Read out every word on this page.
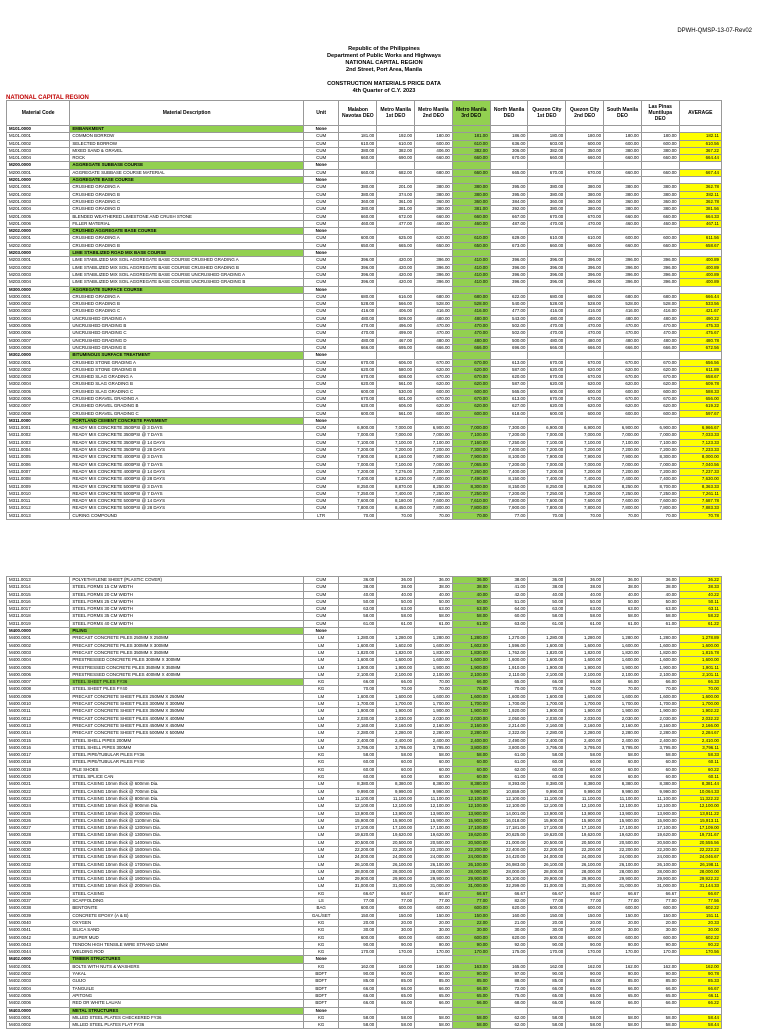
DPWH-QMSP-13-07-Rev02
Republic of the Philippines
Department of Public Works and Highways
NATIONAL CAPITAL REGION
2nd Street, Port Area, Manila

CONSTRUCTION MATERIALS PRICE DATA
4th Quarter of C.Y. 2023
NATIONAL CAPITAL REGION
Material Code	Material Description	Unit	Malabon Navotas DEO	Metro Manila 1st DEO	Metro Manila 2nd DEO	Metro Manila 3rd DEO	North Manila DEO	Quezon City 1st DEO	Quezon City 2nd DEO	South Manila DEO	Las Pinas Muntilupa DEO	AVERAGE
M101.0000	EMBANKMENT	None										
M101.0001	COMMON BORROW	CUM	181.00	192.00	180.00	181.00	186.00	180.00	180.00	180.00	180.00	182.11
M101.0002	SELECTED BORROW	CUM	610.00	610.00	600.00	610.00	636.00	603.00	600.00	600.00	600.00	610.56
M101.0003	MIXED SAND & GRAVEL	CUM	380.00	382.00	406.00	382.00	306.00	382.00	350.00	380.00	380.00	367.22
M101.0004	ROCK	CUM	660.00	690.00	660.00	660.00	670.00	660.00	660.00	660.00	660.00	664.44
M200.0000	AGGREGATE SUBBASE COURSE	None										
M200.0001	AGGREGATE SUBBASE COURSE MATERIAL	CUM	660.00	682.00	680.00	660.00	665.00	670.00	670.00	660.00	660.00	667.44
M201.0000	AGGREGATE BASE COURSE	None										
M201.0001	CRUSHED GRADING A	CUM	380.00	201.00	380.00	380.00	395.00	380.00	380.00	380.00	380.00	362.78
M201.0002	CRUSHED GRADING B	CUM	380.00	374.00	380.00	380.00	395.00	380.00	380.00	380.00	380.00	382.11
M201.0003	CRUSHED GRADING C	CUM	360.00	361.00	360.00	360.00	384.00	360.00	360.00	360.00	360.00	362.78
M201.0004	CRUSHED GRADING D	CUM	380.00	381.00	380.00	381.00	392.00	380.00	380.00	380.00	380.00	381.56
M201.0005	BLENDED WEATHERED LIMESTONE AND CRUSH STONE	CUM	660.00	672.00	660.00	660.00	667.00	670.00	670.00	660.00	660.00	664.33
M201.0006	FILLER MATERIAL	CUM	460.00	477.00	460.00	460.00	487.00	470.00	470.00	460.00	460.00	467.11
M202.0000	CRUSHED AGGREGATE BASE COURSE	None										
M202.0001	CRUSHED GRADING A	CUM	600.00	625.00	620.00	610.00	629.00	610.00	610.00	600.00	600.00	611.56
M202.0002	CRUSHED GRADING B	CUM	650.00	665.00	650.00	650.00	673.00	660.00	660.00	660.00	660.00	658.67
M203.0000	LIME STABILIZED ROAD MIX BASE COURSE	None										
M203.0001	LIME STABILIZED MIX SOIL AGGREGATE BASE COURSE CRUSHED GRADING A	CUM	396.00	420.00	396.00	410.00	396.00	396.00	396.00	396.00	396.00	400.89
M203.0002	LIME STABILIZED MIX SOIL AGGREGATE BASE COURSE CRUSHED GRADING B	CUM	396.00	420.00	396.00	410.00	396.00	396.00	396.00	396.00	396.00	400.89
M203.0003	LIME STABILIZED MIX SOIL AGGREGATE BASE COURSE UNCRUSHED GRADING A	CUM	396.00	420.00	396.00	410.00	396.00	396.00	396.00	396.00	396.00	400.89
M203.0004	LIME STABILIZED MIX SOIL AGGREGATE BASE COURSE UNCRUSHED GRADING B	CUM	396.00	420.00	396.00	410.00	396.00	396.00	396.00	396.00	396.00	400.89
M300.0000	AGGREGATE SURFACE COURSE	None										
M300.0001	CRUSHED GRADING A	CUM	680.00	616.00	680.00	680.00	622.00	680.00	680.00	680.00	680.00	666.44
M300.0002	CRUSHED GRADING B	CUM	528.00	566.00	528.00	528.00	540.00	528.00	528.00	528.00	528.00	533.56
M300.0003	CRUSHED GRADING C	CUM	416.00	406.00	416.00	416.00	477.00	416.00	416.00	416.00	416.00	421.67
M300.0004	UNCRUSHED GRADING A	CUM	480.00	509.00	480.00	480.00	543.00	480.00	480.00	480.00	480.00	490.22
M300.0005	UNCRUSHED GRADING B	CUM	470.00	496.00	470.00	470.00	502.00	470.00	470.00	470.00	470.00	475.33
M300.0006	UNCRUSHED GRADING C	CUM	470.00	499.00	470.00	470.00	502.00	470.00	470.00	470.00	470.00	475.67
M300.0007	UNCRUSHED GRADING D	CUM	480.00	467.00	480.00	480.00	500.00	480.00	480.00	480.00	480.00	480.78
M300.0008	UNCRUSHED GRADING E	CUM	666.00	695.00	666.00	666.00	696.00	666.00	666.00	666.00	666.00	672.56
M302.0000	BITUMINOUS SURFACE TREATMENT	None										
M302.0001	CRUSHED STONE GRADING A	CUM	670.00	606.00	670.00	670.00	613.00	670.00	670.00	670.00	670.00	656.56
M302.0002	CRUSHED STONE GRADING B	CUM	620.00	580.00	620.00	620.00	587.00	620.00	620.00	620.00	620.00	611.89
M302.0003	CRUSHED SLAG GRADING A	CUM	670.00	608.00	670.00	670.00	620.00	670.00	670.00	670.00	670.00	658.67
M302.0004	CRUSHED SLAG GRADING B	CUM	620.00	561.00	620.00	620.00	587.00	620.00	620.00	620.00	620.00	609.78
M302.0005	CRUSHED SLAG GRADING C	CUM	600.00	530.00	600.00	600.00	565.00	600.00	600.00	600.00	600.00	588.33
M302.0006	CRUSHED GRAVEL GRADING A	CUM	670.00	601.00	670.00	670.00	613.00	670.00	670.00	670.00	670.00	656.00
M302.0007	CRUSHED GRAVEL GRADING B	CUM	620.00	606.00	620.00	620.00	627.00	620.00	620.00	620.00	620.00	619.22
M302.0008	CRUSHED GRAVEL GRADING C	CUM	600.00	561.00	600.00	600.00	618.00	600.00	600.00	600.00	600.00	597.67
M311.0000	PORTLAND CEMENT CONCRETE PAVEMENT	None										
M311.0001	READY MIX CONCRETE 3500PSI @ 3 DAYS	CUM	6,900.00	7,000.00	6,900.00	7,000.00	7,300.00	6,900.00	6,900.00	6,900.00	6,900.00	6,966.67
M311.0002	READY MIX CONCRETE 3500PSI @ 7 DAYS	CUM	7,000.00	7,000.00	7,000.00	7,100.00	7,200.00	7,000.00	7,000.00	7,000.00	7,000.00	7,033.33
M311.0003	READY MIX CONCRETE 3500PSI @ 14 DAYS	CUM	7,100.00	7,100.00	7,100.00	7,160.00	7,250.00	7,100.00	7,100.00	7,100.00	7,100.00	7,123.33
M311.0004	READY MIX CONCRETE 3500PSI @ 28 DAYS	CUM	7,200.00	7,200.00	7,200.00	7,300.00	7,400.00	7,200.00	7,200.00	7,200.00	7,200.00	7,233.33
M311.0005	READY MIX CONCRETE 4000PSI @ 3 DAYS	CUM	7,900.00	8,160.00	7,900.00	7,900.00	8,100.00	7,900.00	7,900.00	7,900.00	8,300.00	8,000.00
M311.0006	READY MIX CONCRETE 4000PSI @ 7 DAYS	CUM	7,000.00	7,100.00	7,000.00	7,065.00	7,200.00	7,000.00	7,000.00	7,000.00	7,000.00	7,040.56
M311.0007	READY MIX CONCRETE 4000PSI @ 14 DAYS	CUM	7,200.00	7,276.00	7,200.00	7,260.00	7,400.00	7,200.00	7,200.00	7,200.00	7,200.00	7,237.33
M311.0008	READY MIX CONCRETE 4000PSI @ 28 DAYS	CUM	7,400.00	8,230.00	7,400.00	7,490.00	8,150.00	7,400.00	7,400.00	7,400.00	7,400.00	7,630.00
M311.0009	READY MIX CONCRETE 5000PSI @ 3 DAYS	CUM	8,250.00	8,870.00	8,250.00	8,300.00	8,150.00	8,250.00	8,250.00	8,250.00	8,700.00	8,363.33
M311.0010	READY MIX CONCRETE 5000PSI @ 7 DAYS	CUM	7,250.00	7,400.00	7,250.00	7,250.00	7,200.00	7,250.00	7,250.00	7,250.00	7,250.00	7,261.11
M311.0011	READY MIX CONCRETE 5000PSI @ 14 DAYS	CUM	7,600.00	8,180.00	7,600.00	7,610.00	7,800.00	7,600.00	7,600.00	7,600.00	7,600.00	7,687.78
M311.0012	READY MIX CONCRETE 5000PSI @ 28 DAYS	CUM	7,800.00	8,450.00	7,800.00	7,800.00	7,900.00	7,800.00	7,800.00	7,800.00	7,800.00	7,883.33
M311.0013	CURING COMPOUND	LTR	70.00	70.00	70.00	70.00	77.00	70.00	70.00	70.00	70.00	70.78
M311.0013	POLYETHYLENE SHEET (PLASTIC COVER)	CUM	36.00	36.00	36.00	36.00	38.00	36.00	36.00	36.00	36.00	36.22
M311.0014	STEEL FORMS 15 CM WIDTH	CUM	38.00	38.00	38.00	38.00	41.00	38.00	38.00	38.00	38.00	38.33
M311.0015	STEEL FORMS 20 CM WIDTH	CUM	40.00	40.00	40.00	40.00	42.00	40.00	40.00	40.00	40.00	40.22
M311.0016	STEEL FORMS 25 CM WIDTH	CUM	50.00	50.00	50.00	50.00	51.00	50.00	50.00	50.00	50.00	50.11
M311.0017	STEEL FORMS 30 CM WIDTH	CUM	63.00	63.00	63.00	63.00	64.00	63.00	63.00	63.00	63.00	63.11
M311.0018	STEEL FORMS 35 CM WIDTH	CUM	58.00	58.00	58.00	58.00	60.00	58.00	58.00	58.00	58.00	58.22
M311.0019	STEEL FORMS 40 CM WIDTH	CUM	61.00	61.00	61.00	61.00	63.00	61.00	61.00	61.00	61.00	61.22
M400.0000	PILING	None										
M400.0001	PRECAST CONCRETE PILES 250MM X 250MM	LM	1,280.00	1,280.00	1,280.00	1,280.00	1,270.00	1,280.00	1,280.00	1,280.00	1,280.00	1,278.89
M400.0002	PRECAST CONCRETE PILES 300MM X 300MM	LM	1,600.00	1,602.00	1,600.00	1,602.00	1,596.00	1,600.00	1,600.00	1,600.00	1,600.00	1,600.00
M400.0003	PRECAST CONCRETE PILES 350MM X 350MM	LM	1,820.00	1,820.00	1,830.00	1,830.00	1,762.00	1,820.00	1,820.00	1,820.00	1,820.00	1,815.78
M400.0004	PRESTRESSED CONCRETE PILES 300MM X 300MM	LM	1,600.00	1,600.00	1,600.00	1,600.00	1,600.00	1,600.00	1,600.00	1,600.00	1,600.00	1,600.00
M400.0005	PRESTRESSED CONCRETE PILES 350MM X 350MM	LM	1,900.00	1,900.00	1,900.00	1,900.00	1,910.00	1,900.00	1,900.00	1,900.00	1,900.00	1,901.11
M400.0006	PRESTRESSED CONCRETE PILES 400MM X 400MM	LM	2,100.00	2,100.00	2,100.00	2,100.00	2,110.00	2,100.00	2,100.00	2,100.00	2,100.00	2,101.11
M400.0007	STEEL SHEET PILES FY36	KG	66.00	66.00	70.00	66.00	65.00	66.00	66.00	66.00	66.00	66.33
M400.0008	STEEL SHEET PILES FY40	KG	70.00	70.00	70.00	70.00	70.00	70.00	70.00	70.00	70.00	70.00
M400.0009	PRECAST CONCRETE SHEET PILES 250MM X 250MM	LM	1,600.00	1,600.00	1,600.00	1,600.00	1,600.00	1,600.00	1,600.00	1,600.00	1,600.00	1,600.00
M400.0010	PRECAST CONCRETE SHEET PILES 300MM X 300MM	LM	1,700.00	1,700.00	1,700.00	1,700.00	1,700.00	1,700.00	1,700.00	1,700.00	1,700.00	1,700.00
M400.0011	PRECAST CONCRETE SHEET PILES 350MM X 350MM	LM	1,900.00	1,900.00	1,900.00	1,900.00	1,920.00	1,900.00	1,900.00	1,900.00	1,900.00	1,902.22
M400.0012	PRECAST CONCRETE SHEET PILES 400MM X 400MM	LM	2,030.00	2,030.00	2,030.00	2,030.00	2,050.00	2,030.00	2,030.00	2,030.00	2,030.00	2,032.22
M400.0013	PRECAST CONCRETE SHEET PILES 450MM X 450MM	LM	2,160.00	2,160.00	2,160.00	2,160.00	2,214.00	2,160.00	2,160.00	2,160.00	2,160.00	2,166.00
M400.0014	PRECAST CONCRETE SHEET PILES 500MM X 500MM	LM	2,280.00	2,280.00	2,280.00	2,280.00	2,322.00	2,280.00	2,280.00	2,280.00	2,280.00	2,284.67
M400.0015	STEEL SHELL PIPES 200MM	LM	2,400.00	2,400.00	2,400.00	2,400.00	2,490.00	2,400.00	2,400.00	2,400.00	2,400.00	2,410.00
M400.0016	STEEL SHELL PIPES 300MM	LM	3,795.00	3,795.00	3,795.00	3,800.00	3,800.00	3,795.00	3,795.00	3,795.00	3,795.00	3,796.11
M400.0017	STEEL PIPE/TUBULAR PILES FY36	KG	58.00	58.00	58.00	58.00	61.00	58.00	58.00	58.00	58.00	58.33
M400.0018	STEEL PIPE/TUBULAR PILES FY40	KG	60.00	60.00	60.00	60.00	61.00	60.00	60.00	60.00	60.00	60.11
M400.0019	PILE SHOES	KG	60.00	60.00	60.00	60.00	62.00	60.00	60.00	60.00	60.00	60.22
M400.0020	STEEL SPLICE CAN	KG	60.00	60.00	60.00	60.00	61.00	60.00	60.00	60.00	60.00	60.11
M400.0021	STEEL CASING 10mm thick @ 600mm Dia.	LM	8,380.00	8,380.00	8,380.00	8,380.00	8,393.00	8,380.00	8,380.00	8,380.00	8,380.00	8,381.44
M400.0022	STEEL CASING 10mm thick @ 700mm Dia.	LM	9,990.00	9,990.00	9,990.00	9,990.00	10,659.00	9,990.00	9,990.00	9,990.00	9,990.00	10,064.33
M400.0023	STEEL CASING 10mm thick @ 800mm Dia.	LM	11,100.00	11,100.00	11,100.00	12,100.00	12,100.00	11,100.00	11,100.00	11,100.00	11,100.00	11,322.22
M400.0024	STEEL CASING 10mm thick @ 900mm Dia.	LM	12,100.00	12,100.00	12,100.00	12,100.00	12,100.00	12,100.00	12,100.00	12,100.00	12,100.00	12,100.00
M400.0025	STEEL CASING 10mm thick @ 1000mm Dia.	LM	13,900.00	13,900.00	13,900.00	13,900.00	14,001.00	13,900.00	13,900.00	13,900.00	13,900.00	13,911.22
M400.0026	STEEL CASING 10mm thick @ 1100mm Dia.	LM	15,900.00	15,900.00	15,900.00	15,900.00	16,018.00	15,900.00	15,900.00	15,900.00	15,900.00	15,913.11
M400.0027	STEEL CASING 10mm thick @ 1200mm Dia.	LM	17,100.00	17,100.00	17,100.00	17,100.00	17,181.00	17,100.00	17,100.00	17,100.00	17,100.00	17,109.00
M400.0028	STEEL CASING 10mm thick @ 1300mm Dia.	LM	19,620.00	19,620.00	19,620.00	19,620.00	20,625.00	19,620.00	19,620.00	19,620.00	19,620.00	19,731.67
M400.0029	STEEL CASING 10mm thick @ 1400mm Dia.	LM	20,500.00	20,500.00	20,500.00	20,500.00	21,000.00	20,500.00	20,500.00	20,500.00	20,500.00	20,555.56
M400.0030	STEEL CASING 10mm thick @ 1500mm Dia.	LM	22,200.00	22,200.00	22,200.00	22,200.00	22,400.00	22,200.00	22,200.00	22,200.00	22,200.00	22,222.22
M400.0031	STEEL CASING 10mm thick @ 1600mm Dia.	LM	24,000.00	24,000.00	24,000.00	24,000.00	24,420.00	24,000.00	24,000.00	24,000.00	24,000.00	24,046.67
M400.0032	STEEL CASING 10mm thick @ 1700mm Dia.	LM	26,100.00	26,100.00	26,100.00	26,100.00	26,983.00	26,100.00	26,100.00	26,100.00	26,100.00	26,198.11
M400.0033	STEEL CASING 10mm thick @ 1800mm Dia.	LM	28,000.00	28,000.00	28,000.00	28,000.00	28,000.00	28,000.00	28,000.00	28,000.00	28,000.00	28,000.00
M400.0034	STEEL CASING 10mm thick @ 1900mm Dia.	LM	29,900.00	29,900.00	29,900.00	29,900.00	30,100.00	29,900.00	29,900.00	29,900.00	29,900.00	29,922.22
M400.0035	STEEL CASING 10mm thick @ 2000mm Dia.	LM	31,000.00	31,000.00	31,000.00	31,000.00	32,299.00	31,000.00	31,000.00	31,000.00	31,000.00	31,144.33
M400.0036	STEEL CASING	KG	66.67	66.67	66.67	66.67	66.67	66.67	66.67	66.67	66.67	66.67
M400.0037	SCAFFOLDING	LS	77.00	77.00	77.00	77.00	82.00	77.00	77.00	77.00	77.00	77.56
M400.0038	BENTONITE	BAG	600.00	600.00	600.00	600.00	620.00	600.00	600.00	600.00	600.00	602.22
M400.0039	CONCRETE EPOXY (A & B)	GAL/SET	150.00	150.00	150.00	150.00	160.00	150.00	150.00	150.00	150.00	151.11
M400.0040	OXYGEN	KG	20.00	20.00	20.00	22.00	21.00	20.00	20.00	20.00	20.00	20.33
M400.0041	SILICA SAND	KG	30.00	30.00	30.00	30.00	30.00	30.00	30.00	30.00	30.00	30.00
M400.0042	SUPER MUD	KG	600.00	600.00	600.00	600.00	620.00	600.00	600.00	600.00	600.00	602.22
M400.0043	TENDON HIGH TENSILE WIRE STRAND 12MM	KG	90.00	90.00	90.00	90.00	92.00	90.00	90.00	90.00	90.00	90.22
M400.0044	WELDING ROD	KG	170.00	170.00	170.00	170.00	175.00	170.00	170.00	170.00	170.00	170.56
M402.0000	TIMBER STRUCTURES	None										
M402.0001	BOLTS WITH NUTS & WASHERS	KG	162.00	160.00	160.00	163.00	165.00	162.00	162.00	162.00	162.00	162.00
M402.0002	YAKAL	BDFT	90.00	90.00	90.00	90.00	97.00	90.00	90.00	90.00	90.00	90.78
M402.0003	GUIJO	BDFT	85.00	85.00	85.00	85.00	88.00	85.00	85.00	85.00	85.00	85.33
M402.0004	TANGUILE	BDFT	66.00	66.00	66.00	66.00	72.00	66.00	66.00	66.00	66.00	66.67
M402.0005	APITONG	BDFT	65.00	65.00	65.00	65.00	75.00	65.00	65.00	65.00	65.00	66.11
M402.0006	RED OR WHITE LAUAN	BDFT	66.00	66.00	66.00	66.00	68.00	66.00	66.00	66.00	66.00	66.22
M403.0000	METAL STRUCTURES	None										
M403.0001	MILLED STEEL PLATES CHECKERED FY36	KG	58.00	58.00	58.00	58.00	62.00	58.00	58.00	58.00	58.00	58.44
M403.0002	MILLED STEEL PLATES FLAT FY36	KG	58.00	58.00	58.00	58.00	62.00	58.00	58.00	58.00	58.00	58.44
